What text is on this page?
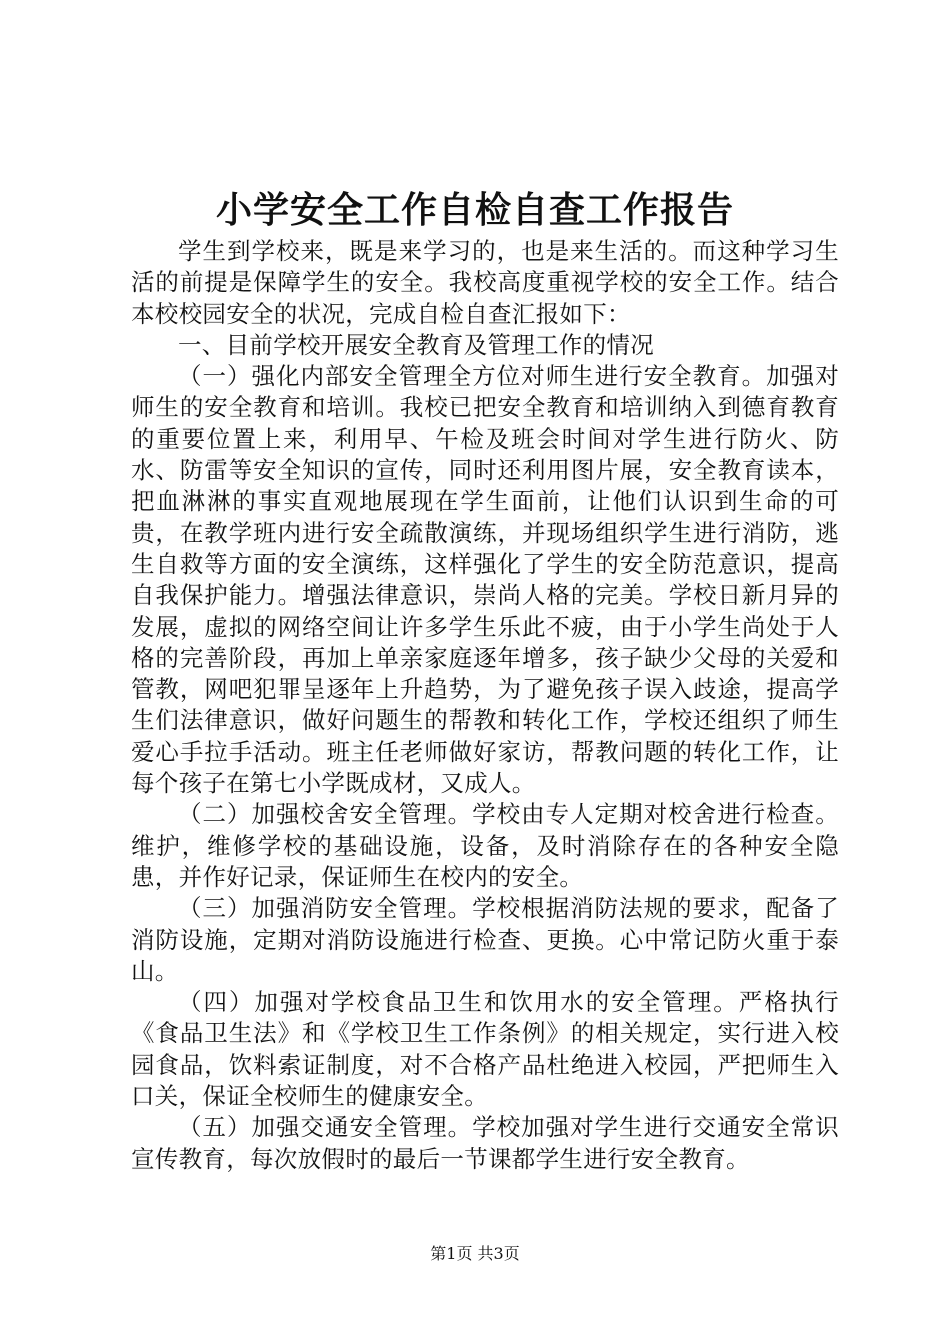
小学安全工作自检自查工作报告

学生到学校来，既是来学习的，也是来生活的。而这种学习生活的前提是保障学生的安全。我校高度重视学校的安全工作。结合本校校园安全的状况，完成自检自查汇报如下：

一、目前学校开展安全教育及管理工作的情况

（一）强化内部安全管理全方位对师生进行安全教育。加强对师生的安全教育和培训。我校已把安全教育和培训纳入到德育教育的重要位置上来，利用早、午检及班会时间对学生进行防火、防水、防雷等安全知识的宣传，同时还利用图片展，安全教育读本，把血淋淋的事实直观地展现在学生面前，让他们认识到生命的可贵，在教学班内进行安全疏散演练，并现场组织学生进行消防，逃生自救等方面的安全演练，这样强化了学生的安全防范意识，提高自我保护能力。增强法律意识，崇尚人格的完美。学校日新月异的发展，虚拟的网络空间让许多学生乐此不疲，由于小学生尚处于人格的完善阶段，再加上单亲家庭逐年增多，孩子缺少父母的关爱和管教，网吧犯罪呈逐年上升趋势，为了避免孩子误入歧途，提高学生们法律意识，做好问题生的帮教和转化工作，学校还组织了师生爱心手拉手活动。班主任老师做好家访，帮教问题的转化工作，让每个孩子在第七小学既成材，又成人。

（二）加强校舍安全管理。学校由专人定期对校舍进行检查。维护，维修学校的基础设施，设备，及时消除存在的各种安全隐患，并作好记录，保证师生在校内的安全。

（三）加强消防安全管理。学校根据消防法规的要求，配备了消防设施，定期对消防设施进行检查、更换。心中常记防火重于泰山。

（四）加强对学校食品卫生和饮用水的安全管理。严格执行《食品卫生法》和《学校卫生工作条例》的相关规定，实行进入校园食品，饮料索证制度，对不合格产品杜绝进入校园，严把师生入口关，保证全校师生的健康安全。

（五）加强交通安全管理。学校加强对学生进行交通安全常识宣传教育，每次放假时的最后一节课都学生进行安全教育。

第1页 共3页
